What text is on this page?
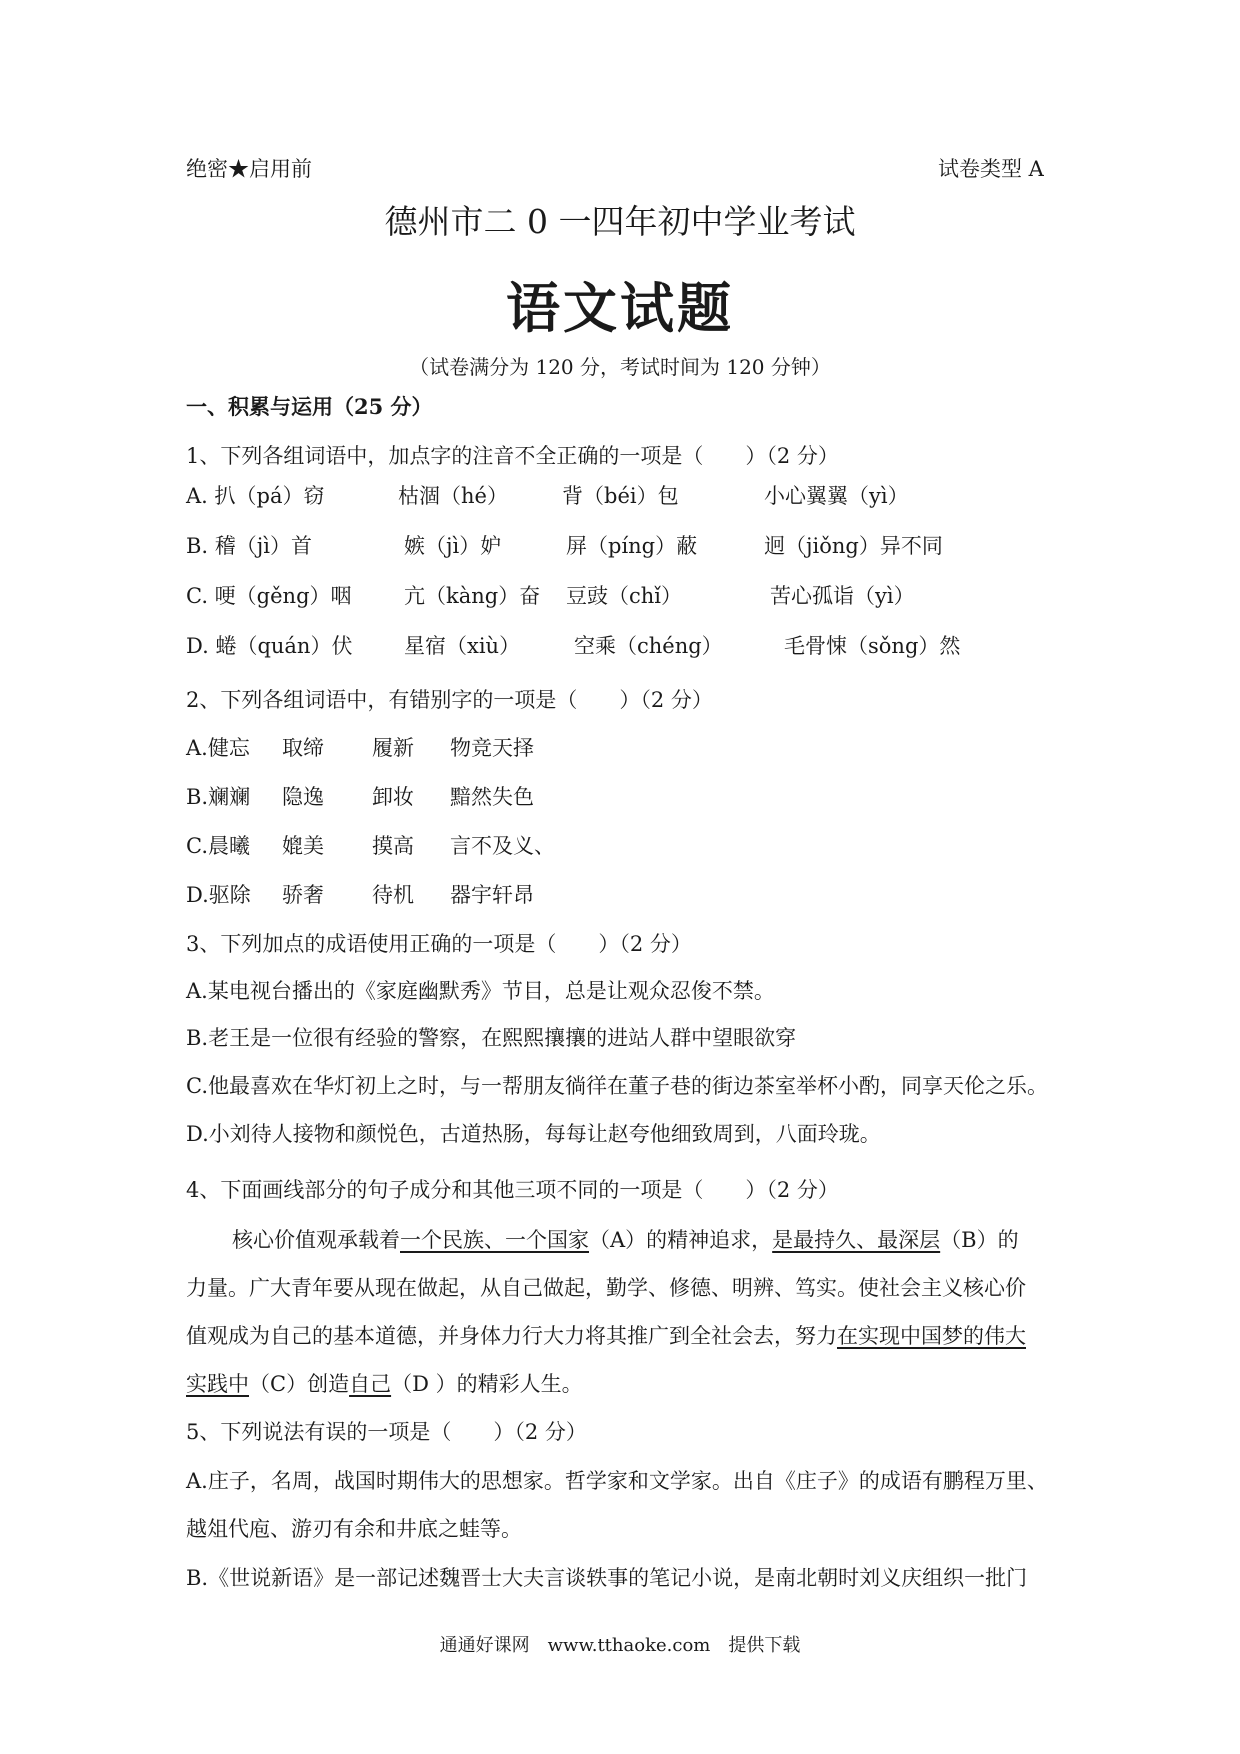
绝密★启用前	试卷类型 A
德州市二 0 一四年初中学业考试
语文试题
（试卷满分为 120 分，考试时间为 120 分钟）
一、积累与运用（25 分）
1、下列各组词语中，加点字的注音不全正确的一项是（　　）（2 分）
A. 扒（pá）窃	枯涸（hé）	背（béi）包	小心翼翼（yì）
B. 稽（jì）首	嫉（jì）妒	屏（píng）蔽	迥（jiǒng）异不同
C. 哽（gěng）咽 亢（kàng）奋 豆豉（chǐ）	苦心孤诣（yì）
D. 蜷（quán）伏 星宿（xiù）	空乘（chéng）	毛骨悚（sǒng）然
2、下列各组词语中，有错别字的一项是（　　）（2 分）
A.健忘 取缔 履新 物竞天择
B.斓斓 隐逸 卸妆 黯然失色
C.晨曦 媲美 摸高 言不及义、
D.驱除 骄奢 待机 器宇轩昂
3、下列加点的成语使用正确的一项是（　　）（2 分）
A.某电视台播出的《家庭幽默秀》节目，总是让观众忍俊不禁。
B.老王是一位很有经验的警察，在熙熙攘攘的进站人群中望眼欲穿
C.他最喜欢在华灯初上之时，与一帮朋友徜徉在董子巷的街边茶室举杯小酌，同享天伦之乐。
D.小刘待人接物和颜悦色，古道热肠，每每让赵夸他细致周到，八面玲珑。
4、下面画线部分的句子成分和其他三项不同的一项是（　　）（2 分）
核心价值观承载着一个民族、一个国家（A）的精神追求，是最持久、最深层（B）的
力量。广大青年要从现在做起，从自己做起，勤学、修德、明辨、笃实。使社会主义核心价
值观成为自己的基本道德，并身体力行大力将其推广到全社会去，努力在实现中国梦的伟大
实践中（C）创造自己（D ）的精彩人生。
5、下列说法有误的一项是（　　）（2 分）
A.庄子，名周，战国时期伟大的思想家。哲学家和文学家。出自《庄子》的成语有鹏程万里、
越俎代庖、游刃有余和井底之蛙等。
B.《世说新语》是一部记述魏晋士大夫言谈轶事的笔记小说，是南北朝时刘义庆组织一批门
通通好课网　www.tthaoke.com　提供下载
